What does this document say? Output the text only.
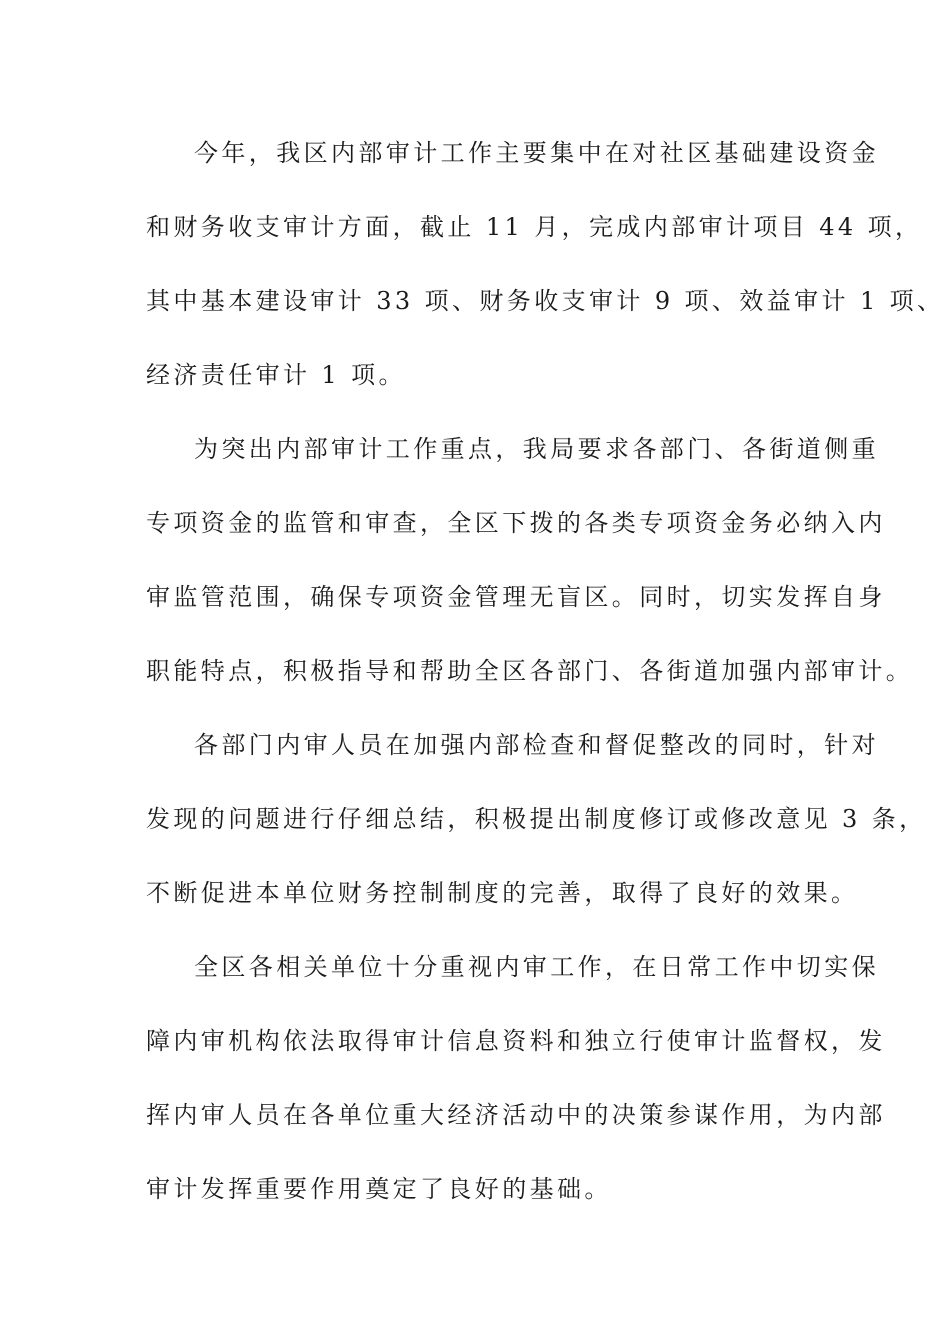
今年，我区内部审计工作主要集中在对社区基础建设资金
和财务收支审计方面，截止 11 月，完成内部审计项目 44 项，
其中基本建设审计 33 项、财务收支审计 9 项、效益审计 1 项、
经济责任审计 1 项。
为突出内部审计工作重点，我局要求各部门、各街道侧重
专项资金的监管和审查，全区下拨的各类专项资金务必纳入内
审监管范围，确保专项资金管理无盲区。同时，切实发挥自身
职能特点，积极指导和帮助全区各部门、各街道加强内部审计。
各部门内审人员在加强内部检查和督促整改的同时，针对
发现的问题进行仔细总结，积极提出制度修订或修改意见 3 条，
不断促进本单位财务控制制度的完善，取得了良好的效果。
全区各相关单位十分重视内审工作，在日常工作中切实保
障内审机构依法取得审计信息资料和独立行使审计监督权，发
挥内审人员在各单位重大经济活动中的决策参谋作用，为内部
审计发挥重要作用奠定了良好的基础。
